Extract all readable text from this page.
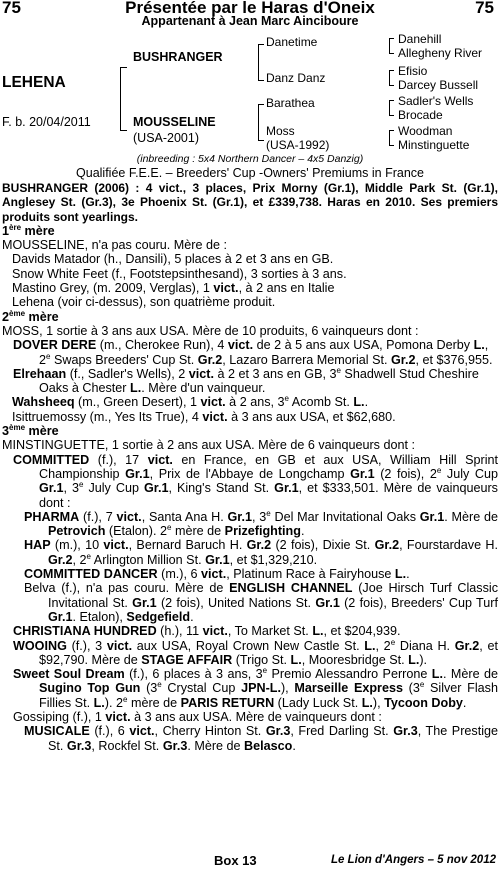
75	Présentée par le Haras d'Oneix	75
Appartenant à Jean Marc Ainciboure
LEHENA
F. b. 20/04/2011
BUSHRANGER
MOUSSELINE
(USA-2001)
Danetime
Danz Danz
Barathea
Moss
(USA-1992)
Danehill
Allegheny River
Efisio
Darcey Bussell
Sadler's Wells
Brocade
Woodman
Minstinguette
(inbreeding : 5x4 Northern Dancer – 4x5 Danzig)
Qualifiée F.E.E. – Breeders' Cup -Owners' Premiums in France

BUSHRANGER (2006) : 4 vict., 3 places, Prix Morny (Gr.1), Middle Park St. (Gr.1), Anglesey St. (Gr.3), 3e Phoenix St. (Gr.1), et £339,738. Haras en 2010. Ses premiers produits sont yearlings.

1ère mère

MOUSSELINE, n'a pas couru. Mère de :

Davids Matador (h., Dansili), 5 places à 2 et 3 ans en GB.

Snow White Feet (f., Footstepsinthesand), 3 sorties à 3 ans.

Mastino Grey, (m. 2009, Verglas), 1 vict., à 2 ans en Italie

Lehena (voir ci-dessus), son quatrième produit.

2ème mère

MOSS, 1 sortie à 3 ans aux USA. Mère de 10 produits, 6 vainqueurs dont :

DOVER DERE (m., Cherokee Run), 4 vict. de 2 à 5 ans aux USA, Pomona Derby L., 2e Swaps Breeders' Cup St. Gr.2, Lazaro Barrera Memorial St. Gr.2, et $376,955.

Elrehaan (f., Sadler's Wells), 2 vict. à 2 et 3 ans en GB, 3e Shadwell Stud Cheshire Oaks à Chester L.. Mère d'un vainqueur.

Wahsheeq (m., Green Desert), 1 vict. à 2 ans, 3e Acomb St. L..

Isittruemossy (m., Yes Its True), 4 vict. à 3 ans aux USA, et $62,680.

3ème mère

MINSTINGUETTE, 1 sortie à 2 ans aux USA. Mère de 6 vainqueurs dont :

COMMITTED (f.), 17 vict. en France, en GB et aux USA, William Hill Sprint Championship Gr.1, Prix de l'Abbaye de Longchamp Gr.1 (2 fois), 2e July Cup Gr.1, 3e July Cup Gr.1, King's Stand St. Gr.1, et $333,501. Mère de vainqueurs dont :

PHARMA (f.), 7 vict., Santa Ana H. Gr.1, 3e Del Mar Invitational Oaks Gr.1. Mère de Petrovich (Etalon). 2e mère de Prizefighting.

HAP (m.), 10 vict., Bernard Baruch H. Gr.2 (2 fois), Dixie St. Gr.2, Fourstardave H. Gr.2, 2e Arlington Million St. Gr.1, et $1,329,210.

COMMITTED DANCER (m.), 6 vict., Platinum Race à Fairyhouse L..

Belva (f.), n'a pas couru. Mère de ENGLISH CHANNEL (Joe Hirsch Turf Classic Invitational St. Gr.1 (2 fois), United Nations St. Gr.1 (2 fois), Breeders' Cup Turf Gr.1. Etalon), Sedgefield.

CHRISTIANA HUNDRED (h.), 11 vict., To Market St. L., et $204,939.

WOOING (f.), 3 vict. aux USA, Royal Crown New Castle St. L., 2e Diana H. Gr.2, et $92,790. Mère de STAGE AFFAIR (Trigo St. L., Mooresbridge St. L.).

Sweet Soul Dream (f.), 6 places à 3 ans, 3e Premio Alessandro Perrone L.. Mère de Sugino Top Gun (3e Crystal Cup JPN-L.), Marseille Express (3e Silver Flash Fillies St. L.). 2e mère de PARIS RETURN (Lady Luck St. L.), Tycoon Doby.

Gossiping (f.), 1 vict. à 3 ans aux USA. Mère de vainqueurs dont :

MUSICALE (f.), 6 vict., Cherry Hinton St. Gr.3, Fred Darling St. Gr.3, The Prestige St. Gr.3, Rockfel St. Gr.3. Mère de Belasco.

Box 13	Le Lion d'Angers – 5 nov 2012
